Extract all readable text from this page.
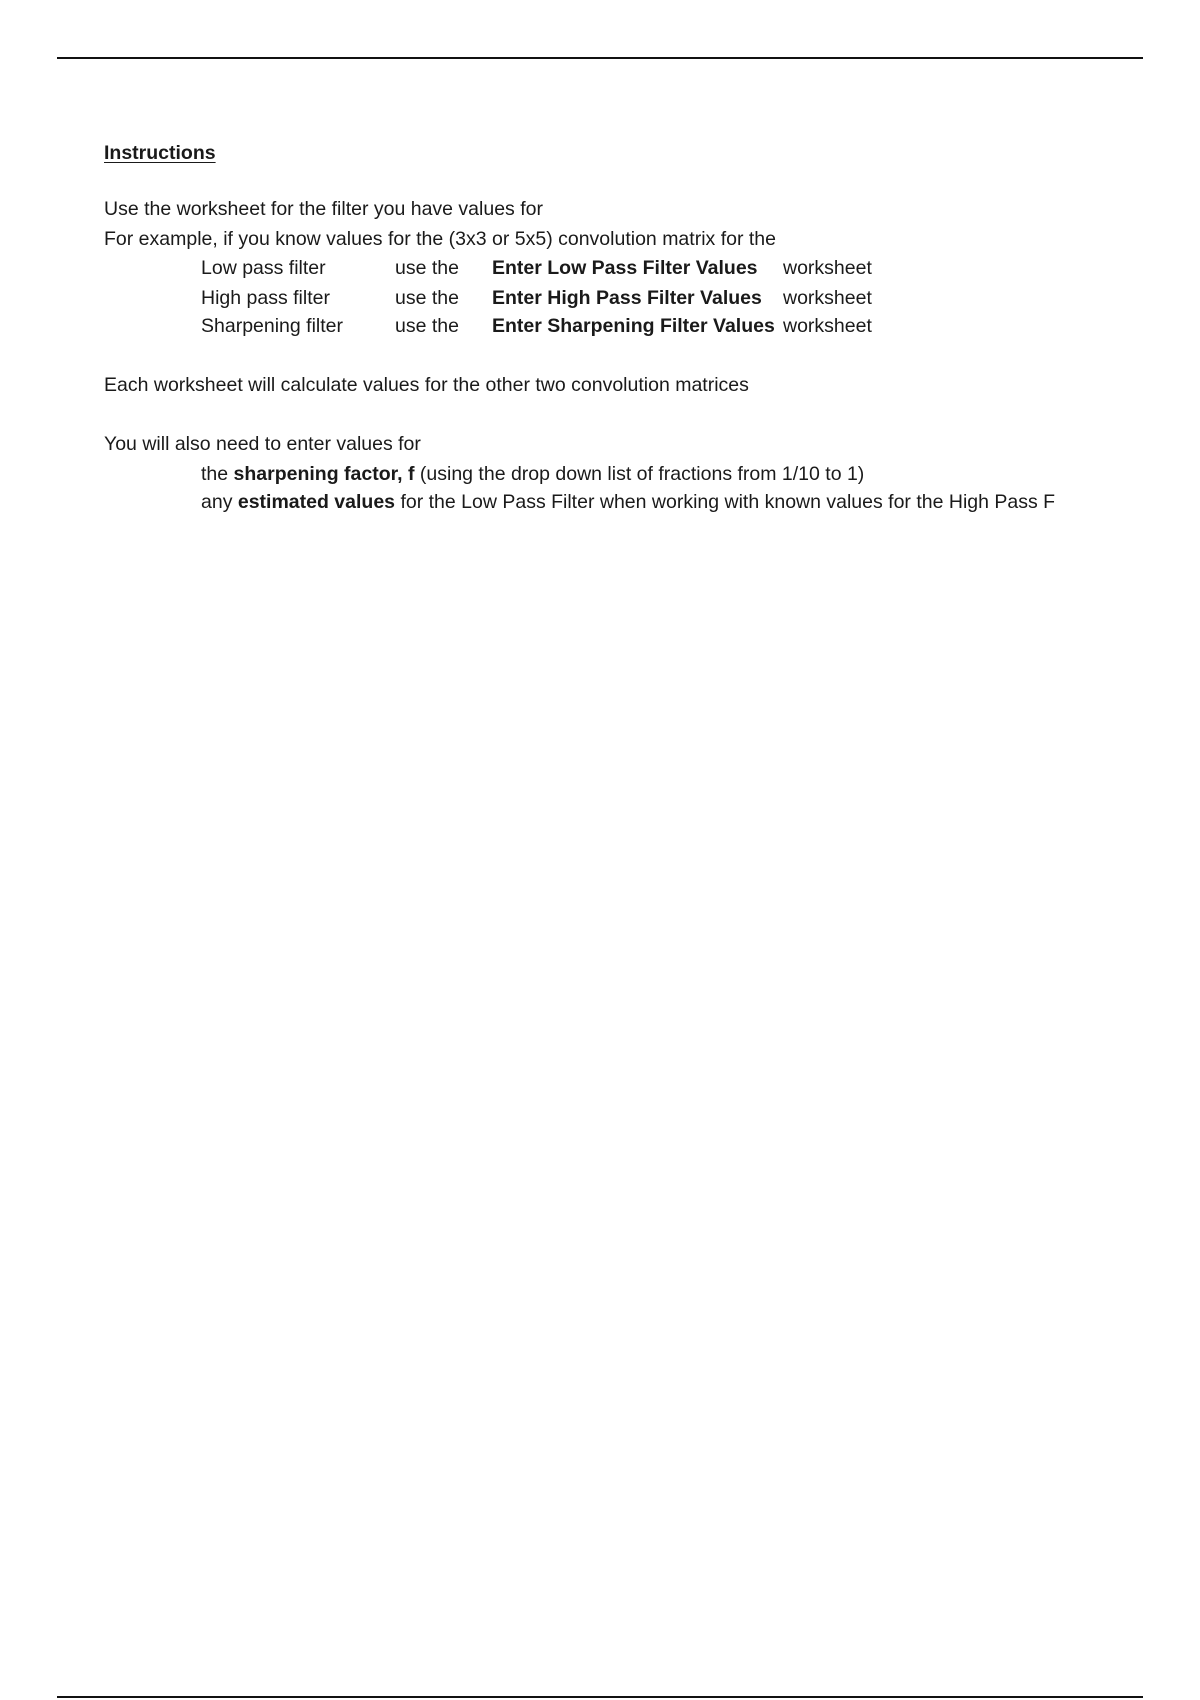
Instructions
Use the worksheet for the filter you have values for
For example, if you know values for the (3x3 or 5x5) convolution matrix for the
Low pass filter	use the Enter Low Pass Filter Values worksheet
High pass filter	use the Enter High Pass Filter Values worksheet
Sharpening filter	use the Enter Sharpening Filter Values worksheet
Each worksheet will calculate values for the other two convolution matrices
You will also need to enter values for
the sharpening factor, f (using the drop down list of fractions from 1/10 to 1)
any estimated values for the Low Pass Filter when working with known values for the High Pass F
